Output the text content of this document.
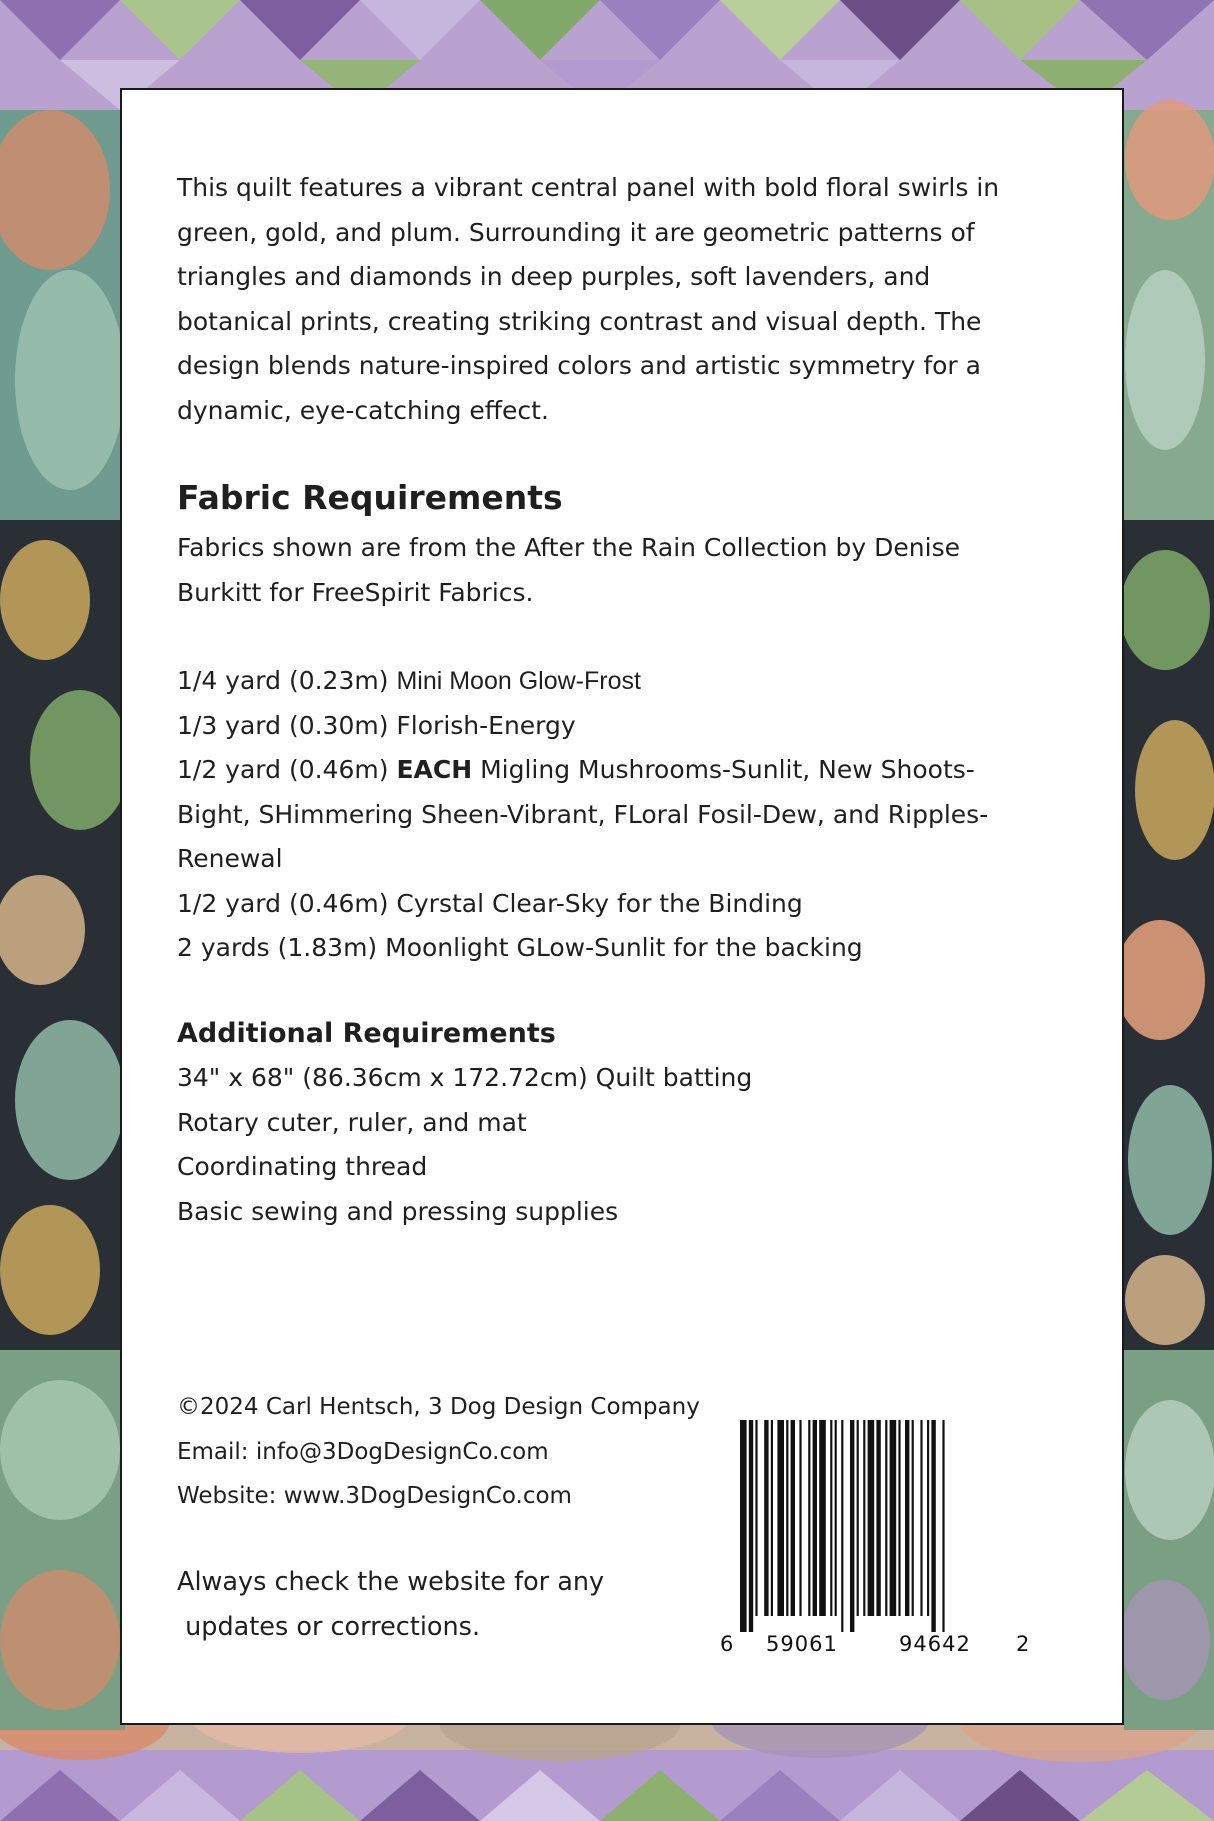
This quilt features a vibrant central panel with bold floral swirls in green, gold, and plum. Surrounding it are geometric patterns of triangles and diamonds in deep purples, soft lavenders, and botanical prints, creating striking contrast and visual depth. The design blends nature-inspired colors and artistic symmetry for a dynamic, eye-catching effect.

Fabric Requirements

Fabrics shown are from the After the Rain Collection by Denise Burkitt for FreeSpirit Fabrics.

1/4 yard (0.23m) Mini Moon Glow-Frost

1/3 yard (0.30m) Florish-Energy

1/2 yard (0.46m) EACH Migling Mushrooms-Sunlit, New Shoots-Bight, SHimmering Sheen-Vibrant, FLoral Fosil-Dew, and Ripples-Renewal

1/2 yard (0.46m) Cyrstal Clear-Sky for the Binding

2 yards (1.83m) Moonlight GLow-Sunlit for the backing

Additional Requirements

34" x 68" (86.36cm x 172.72cm) Quilt batting

Rotary cuter, ruler, and mat

Coordinating thread

Basic sewing and pressing supplies

©2024 Carl Hentsch, 3 Dog Design Company

Email: info@3DogDesignCo.com

Website: www.3DogDesignCo.com

Always check the website for any

updates or corrections.

6 59061	94642 2
